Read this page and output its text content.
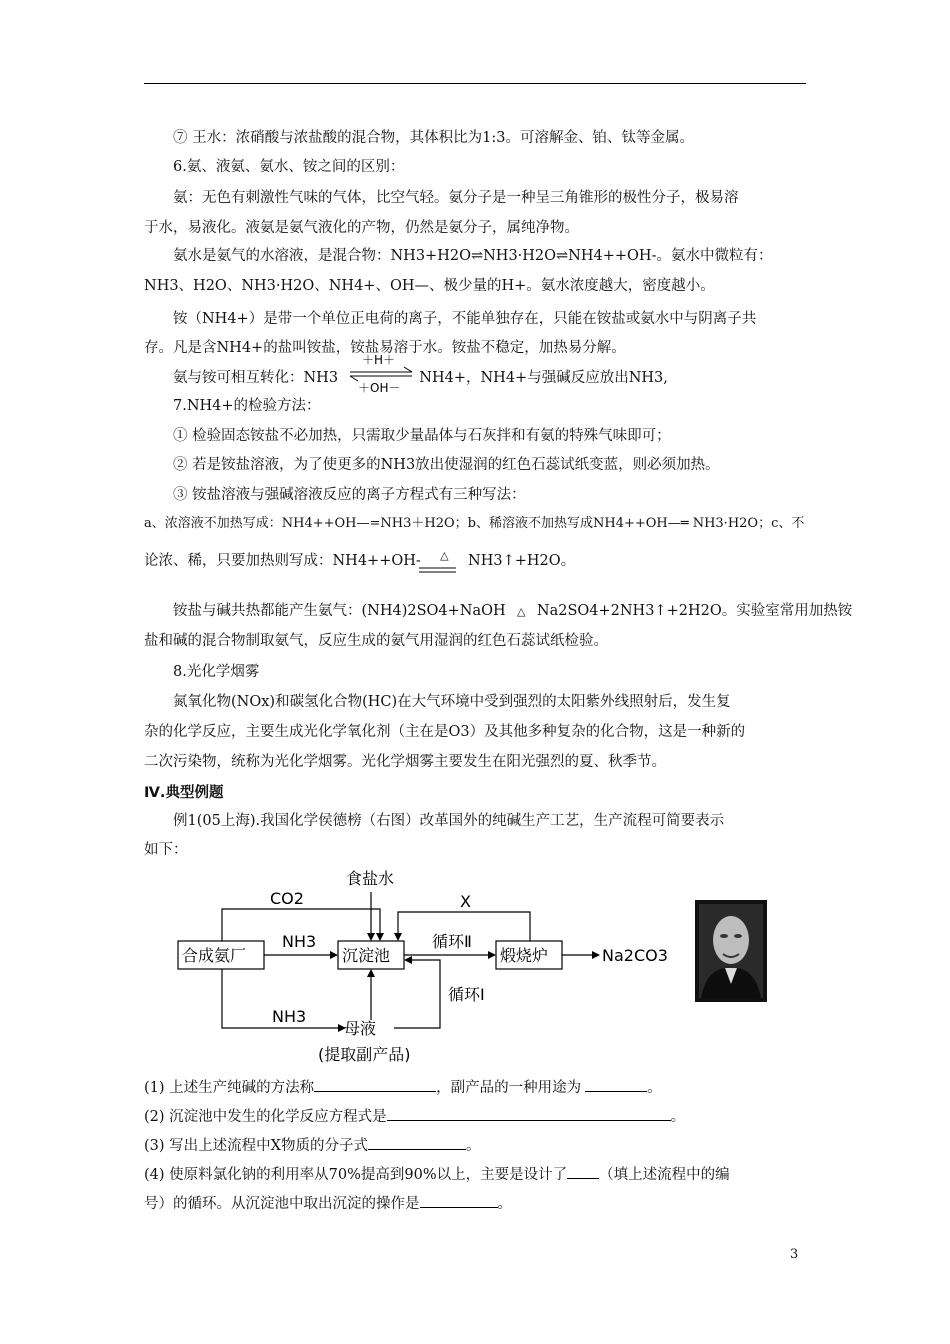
⑦ 王水：浓硝酸与浓盐酸的混合物，其体积比为1:3。可溶解金、铂、钛等金属。
6.氨、液氨、氨水、铵之间的区别：
氨：无色有刺激性气味的气体，比空气轻。氨分子是一种呈三角锥形的极性分子，极易溶
于水，易液化。液氨是氨气液化的产物，仍然是氨分子，属纯净物。
氨水是氨气的水溶液，是混合物：NH3+H2O⇌NH3·H2O⇌NH4++OH-。氨水中微粒有：
NH3、H2O、NH3·H2O、NH4+、OH—、极少量的H+。氨水浓度越大，密度越小。
铵（NH4+）是带一个单位正电荷的离子，不能单独存在，只能在铵盐或氨水中与阴离子共
存。凡是含NH4+的盐叫铵盐，铵盐易溶于水。铵盐不稳定，加热易分解。
氨与铵可相互转化：NH3	NH4+，NH4+与强碱反应放出NH3,
＋H＋
＋OH－
7.NH4+的检验方法：
① 检验固态铵盐不必加热，只需取少量晶体与石灰拌和有氨的特殊气味即可；
② 若是铵盐溶液，为了使更多的NH3放出使湿润的红色石蕊试纸变蓝，则必须加热。
③ 铵盐溶液与强碱溶液反应的离子方程式有三种写法：
a、浓溶液不加热写成：NH4++OH—=NH3＋H2O；b、稀溶液不加热写成NH4++OH—═ NH3·H2O；c、不
论浓、稀，只要加热则写成：NH4++OH- △ NH3↑+H2O。
铵盐与碱共热都能产生氨气：(NH4)2SO4+NaOH △ Na2SO4+2NH3↑+2H2O。实验室常用加热铵
盐和碱的混合物制取氨气，反应生成的氨气用湿润的红色石蕊试纸检验。
8.光化学烟雾
氮氧化物(NOx)和碳氢化合物(HC)在大气环境中受到强烈的太阳紫外线照射后，发生复
杂的化学反应，主要生成光化学氧化剂（主在是O3）及其他多种复杂的化合物，这是一种新的
二次污染物，统称为光化学烟雾。光化学烟雾主要发生在阳光强烈的夏、秋季节。
Ⅳ.典型例题
例1(05上海).我国化学侯德榜（右图）改革国外的纯碱生产工艺，生产流程可简要表示
如下：
合成氨厂	沉淀池	煅烧炉
食盐水
母液
(提取副产品)
CO2
NH3
NH3
X
循环Ⅱ
循环Ⅰ
Na2CO3
(1) 上述生产纯碱的方法称	，副产品的一种用途为	。
(2) 沉淀池中发生的化学反应方程式是	。
(3) 写出上述流程中X物质的分子式	。
(4) 使原料氯化钠的利用率从70%提高到90%以上，主要是设计了 （填上述流程中的编
号）的循环。从沉淀池中取出沉淀的操作是	。
3
